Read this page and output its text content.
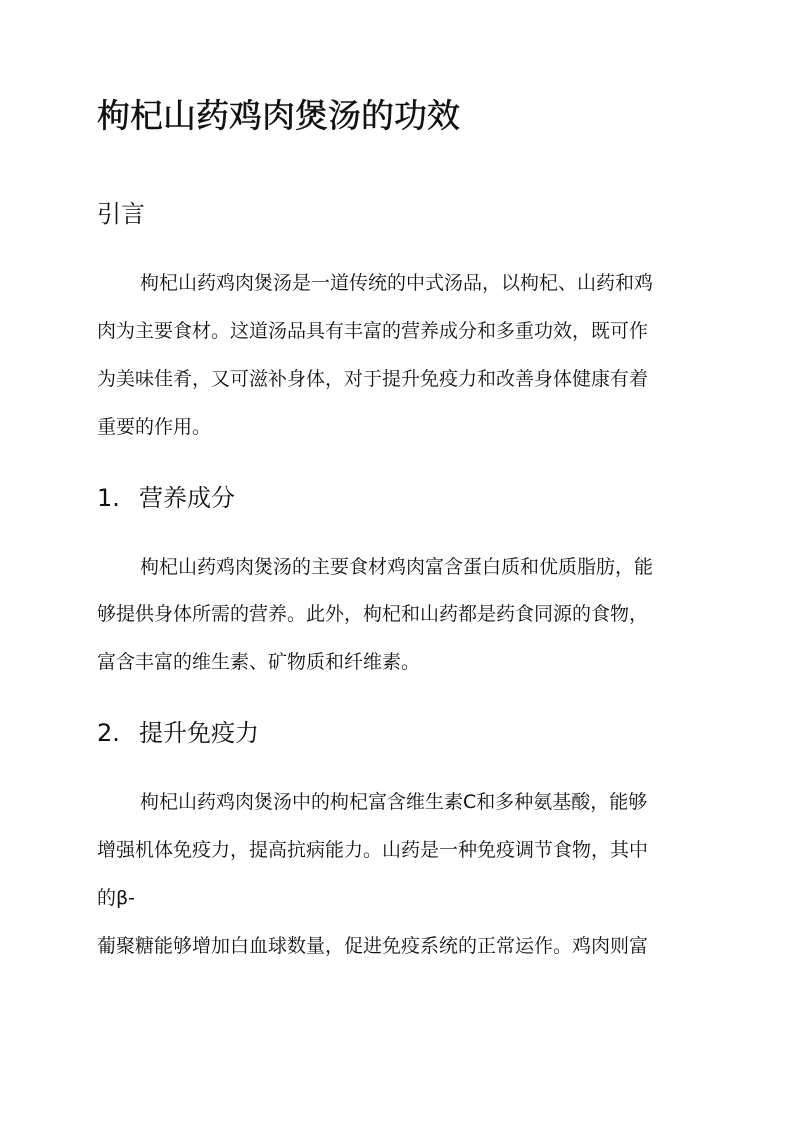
枸杞山药鸡肉煲汤的功效
引言

枸杞山药鸡肉煲汤是一道传统的中式汤品，以枸杞、山药和鸡

肉为主要食材。这道汤品具有丰富的营养成分和多重功效，既可作

为美味佳肴，又可滋补身体，对于提升免疫力和改善身体健康有着

重要的作用。

1. 营养成分

枸杞山药鸡肉煲汤的主要食材鸡肉富含蛋白质和优质脂肪，能

够提供身体所需的营养。此外，枸杞和山药都是药食同源的食物，

富含丰富的维生素、矿物质和纤维素。

2. 提升免疫力

枸杞山药鸡肉煲汤中的枸杞富含维生素C和多种氨基酸，能够

增强机体免疫力，提高抗病能力。山药是一种免疫调节食物，其中

的β-

葡聚糖能够增加白血球数量，促进免疫系统的正常运作。鸡肉则富
